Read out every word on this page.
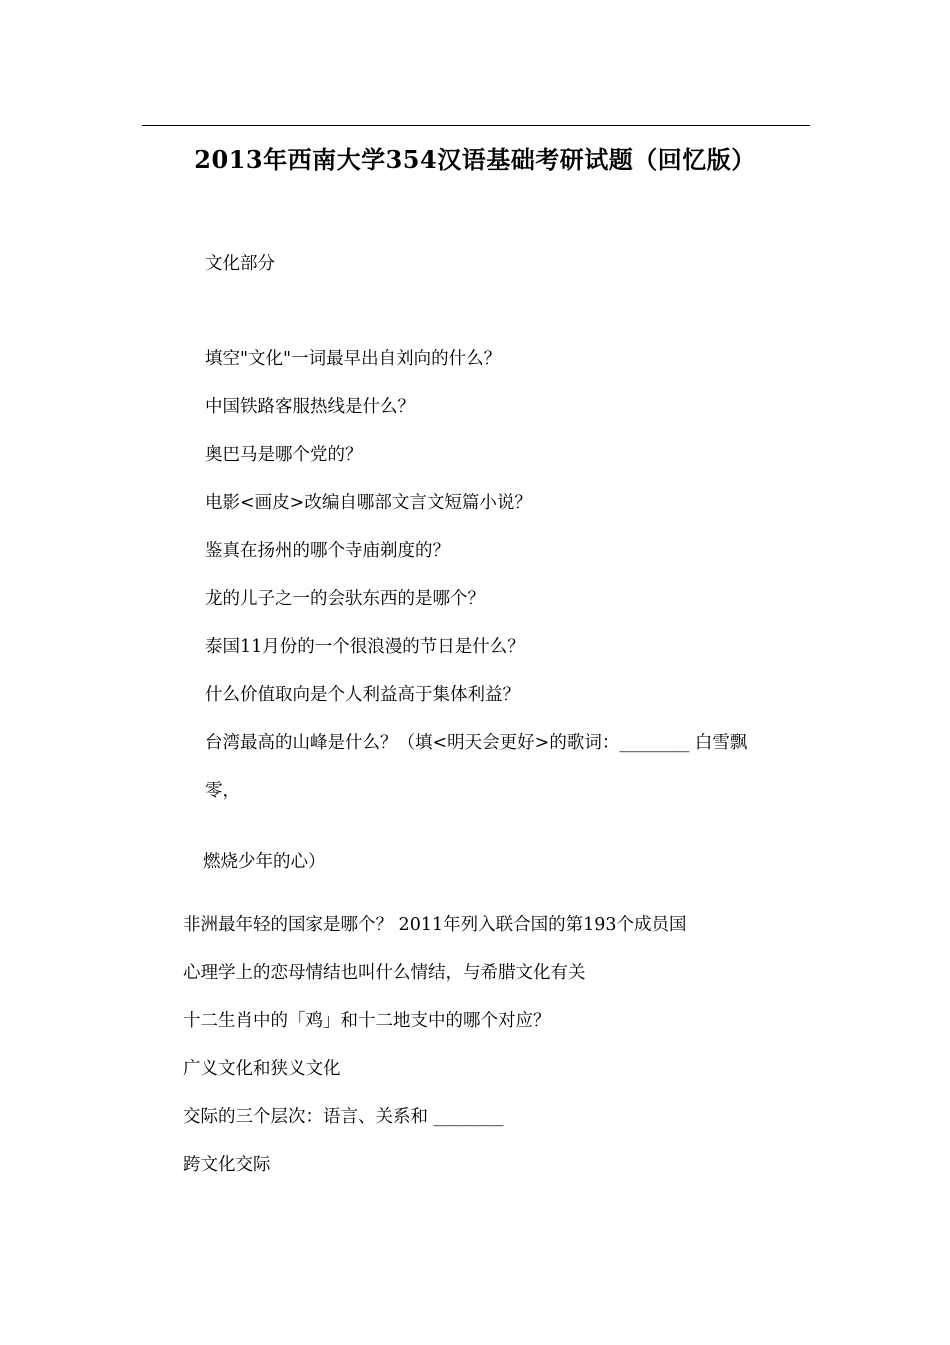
2013年西南大学354汉语基础考研试题（回忆版）
文化部分
填空"文化"一词最早出自刘向的什么？
中国铁路客服热线是什么？
奥巴马是哪个党的？
电影<画皮>改编自哪部文言文短篇小说？
鉴真在扬州的哪个寺庙剃度的？
龙的儿子之一的会驮东西的是哪个？
泰国11月份的一个很浪漫的节日是什么？
什么价值取向是个人利益高于集体利益？
台湾最高的山峰是什么？（填<明天会更好>的歌词：________ 白雪飘
零，
燃烧少年的心）
非洲最年轻的国家是哪个？ 2011年列入联合国的第193个成员国
心理学上的恋母情结也叫什么情结，与希腊文化有关
十二生肖中的「鸡」和十二地支中的哪个对应？
广义文化和狭义文化
交际的三个层次：语言、关系和 ________
跨文化交际
